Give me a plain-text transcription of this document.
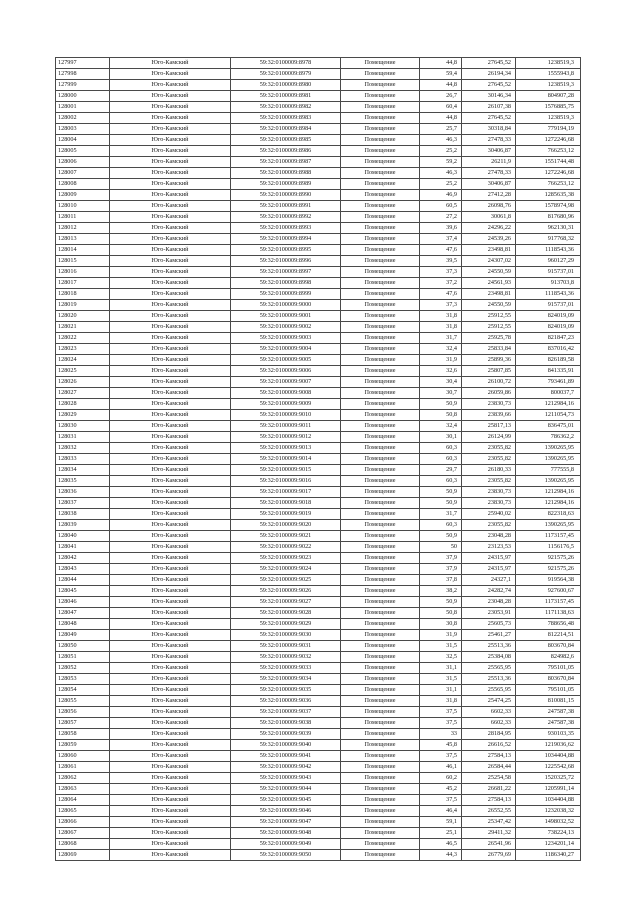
127997	Юго-Камский	59:32:0100009:8978	Помещение	44,8	27645,52	1238519,3
127998	Юго-Камский	59:32:0100009:8979	Помещение	59,4	26194,34	1555943,8
127999	Юго-Камский	59:32:0100009:8980	Помещение	44,8	27645,52	1238519,3
128000	Юго-Камский	59:32:0100009:8981	Помещение	26,7	30146,34	804907,28
128001	Юго-Камский	59:32:0100009:8982	Помещение	60,4	26107,38	1576885,75
128002	Юго-Камский	59:32:0100009:8983	Помещение	44,8	27645,52	1238519,3
128003	Юго-Камский	59:32:0100009:8984	Помещение	25,7	30318,84	779194,19
128004	Юго-Камский	59:32:0100009:8985	Помещение	46,3	27478,33	1272246,68
128005	Юго-Камский	59:32:0100009:8986	Помещение	25,2	30406,87	766253,12
128006	Юго-Камский	59:32:0100009:8987	Помещение	59,2	26211,9	1551744,48
128007	Юго-Камский	59:32:0100009:8988	Помещение	46,3	27478,33	1272246,68
128008	Юго-Камский	59:32:0100009:8989	Помещение	25,2	30406,87	766253,12
128009	Юго-Камский	59:32:0100009:8990	Помещение	46,9	27412,28	1285635,38
128010	Юго-Камский	59:32:0100009:8991	Помещение	60,5	26098,76	1578974,98
128011	Юго-Камский	59:32:0100009:8992	Помещение	27,2	30061,8	817680,96
128012	Юго-Камский	59:32:0100009:8993	Помещение	39,6	24296,22	962130,31
128013	Юго-Камский	59:32:0100009:8994	Помещение	37,4	24539,26	917768,32
128014	Юго-Камский	59:32:0100009:8995	Помещение	47,6	23498,81	1118543,36
128015	Юго-Камский	59:32:0100009:8996	Помещение	39,5	24307,02	960127,29
128016	Юго-Камский	59:32:0100009:8997	Помещение	37,3	24550,59	915737,01
128017	Юго-Камский	59:32:0100009:8998	Помещение	37,2	24561,93	913703,8
128018	Юго-Камский	59:32:0100009:8999	Помещение	47,6	23498,81	1118543,36
128019	Юго-Камский	59:32:0100009:9000	Помещение	37,3	24550,59	915737,01
128020	Юго-Камский	59:32:0100009:9001	Помещение	31,8	25912,55	824019,09
128021	Юго-Камский	59:32:0100009:9002	Помещение	31,8	25912,55	824019,09
128022	Юго-Камский	59:32:0100009:9003	Помещение	31,7	25925,78	821847,23
128023	Юго-Камский	59:32:0100009:9004	Помещение	32,4	25833,84	837016,42
128024	Юго-Камский	59:32:0100009:9005	Помещение	31,9	25899,36	826189,58
128025	Юго-Камский	59:32:0100009:9006	Помещение	32,6	25807,85	841335,91
128026	Юго-Камский	59:32:0100009:9007	Помещение	30,4	26100,72	793461,89
128027	Юго-Камский	59:32:0100009:9008	Помещение	30,7	26059,86	800037,7
128028	Юго-Камский	59:32:0100009:9009	Помещение	50,9	23830,73	1212984,16
128029	Юго-Камский	59:32:0100009:9010	Помещение	50,8	23839,66	1211054,73
128030	Юго-Камский	59:32:0100009:9011	Помещение	32,4	25817,13	836475,01
128031	Юго-Камский	59:32:0100009:9012	Помещение	30,1	26124,99	786362,2
128032	Юго-Камский	59:32:0100009:9013	Помещение	60,3	23055,82	1390265,95
128033	Юго-Камский	59:32:0100009:9014	Помещение	60,3	23055,82	1390265,95
128034	Юго-Камский	59:32:0100009:9015	Помещение	29,7	26180,33	777555,8
128035	Юго-Камский	59:32:0100009:9016	Помещение	60,3	23055,82	1390265,95
128036	Юго-Камский	59:32:0100009:9017	Помещение	50,9	23830,73	1212984,16
128037	Юго-Камский	59:32:0100009:9018	Помещение	50,9	23830,73	1212984,16
128038	Юго-Камский	59:32:0100009:9019	Помещение	31,7	25940,02	822318,63
128039	Юго-Камский	59:32:0100009:9020	Помещение	60,3	23055,82	1390265,95
128040	Юго-Камский	59:32:0100009:9021	Помещение	50,9	23048,28	1173157,45
128041	Юго-Камский	59:32:0100009:9022	Помещение	50	23123,53	1156176,5
128042	Юго-Камский	59:32:0100009:9023	Помещение	37,9	24315,97	921575,26
128043	Юго-Камский	59:32:0100009:9024	Помещение	37,9	24315,97	921575,26
128044	Юго-Камский	59:32:0100009:9025	Помещение	37,8	24327,1	919564,38
128045	Юго-Камский	59:32:0100009:9026	Помещение	38,2	24282,74	927600,67
128046	Юго-Камский	59:32:0100009:9027	Помещение	50,9	23048,28	1173157,45
128047	Юго-Камский	59:32:0100009:9028	Помещение	50,8	23053,91	1171138,63
128048	Юго-Камский	59:32:0100009:9029	Помещение	30,8	25605,73	788656,48
128049	Юго-Камский	59:32:0100009:9030	Помещение	31,9	25461,27	812214,51
128050	Юго-Камский	59:32:0100009:9031	Помещение	31,5	25513,36	803670,84
128051	Юго-Камский	59:32:0100009:9032	Помещение	32,5	25384,08	824982,6
128052	Юго-Камский	59:32:0100009:9033	Помещение	31,1	25565,95	795101,05
128053	Юго-Камский	59:32:0100009:9034	Помещение	31,5	25513,36	803670,84
128054	Юго-Камский	59:32:0100009:9035	Помещение	31,1	25565,95	795101,05
128055	Юго-Камский	59:32:0100009:9036	Помещение	31,8	25474,25	810081,15
128056	Юго-Камский	59:32:0100009:9037	Помещение	37,5	6602,33	247587,38
128057	Юго-Камский	59:32:0100009:9038	Помещение	37,5	6602,33	247587,38
128058	Юго-Камский	59:32:0100009:9039	Помещение	33	28184,95	930103,35
128059	Юго-Камский	59:32:0100009:9040	Помещение	45,8	26616,52	1219036,62
128060	Юго-Камский	59:32:0100009:9041	Помещение	37,5	27584,13	1034404,88
128061	Юго-Камский	59:32:0100009:9042	Помещение	46,1	26584,44	1225542,68
128062	Юго-Камский	59:32:0100009:9043	Помещение	60,2	25254,58	1520325,72
128063	Юго-Камский	59:32:0100009:9044	Помещение	45,2	26681,22	1205991,14
128064	Юго-Камский	59:32:0100009:9045	Помещение	37,5	27584,13	1034404,88
128065	Юго-Камский	59:32:0100009:9046	Помещение	46,4	26552,55	1232038,32
128066	Юго-Камский	59:32:0100009:9047	Помещение	59,1	25347,42	1498032,52
128067	Юго-Камский	59:32:0100009:9048	Помещение	25,1	29411,32	738224,13
128068	Юго-Камский	59:32:0100009:9049	Помещение	46,5	26541,96	1234201,14
128069	Юго-Камский	59:32:0100009:9050	Помещение	44,3	26779,69	1186340,27
